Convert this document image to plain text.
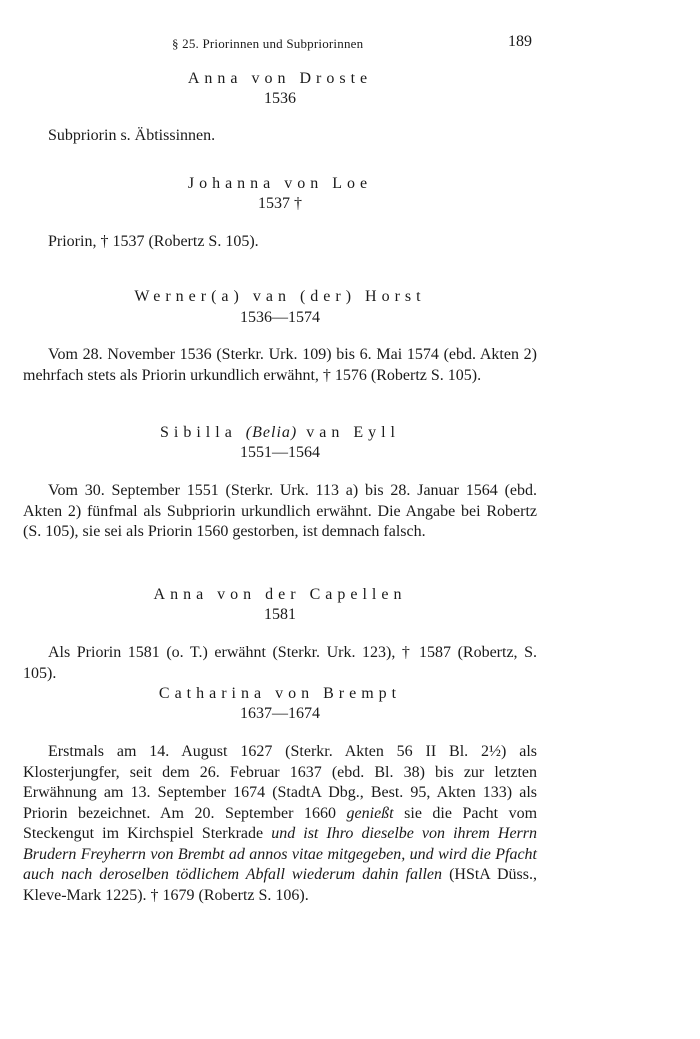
§ 25. Priorinnen und Subpriorinnen	189
Anna von Droste
1536

Subpriorin s. Äbtissinnen.

Johanna von Loe
1537 †

Priorin, † 1537 (Robertz S. 105).

Werner(a) van (der) Horst
1536—1574

Vom 28. November 1536 (Sterkr. Urk. 109) bis 6. Mai 1574 (ebd. Akten 2) mehrfach stets als Priorin urkundlich erwähnt, † 1576 (Robertz S. 105).

Sibilla (Belia) van Eyll
1551—1564

Vom 30. September 1551 (Sterkr. Urk. 113 a) bis 28. Januar 1564 (ebd. Akten 2) fünfmal als Subpriorin urkundlich erwähnt. Die Angabe bei Robertz (S. 105), sie sei als Priorin 1560 gestorben, ist demnach falsch.

Anna von der Capellen
1581

Als Priorin 1581 (o. T.) erwähnt (Sterkr. Urk. 123), † 1587 (Robertz, S. 105).

Catharina von Brempt
1637—1674

Erstmals am 14. August 1627 (Sterkr. Akten 56 II Bl. 2½) als Klosterjungfer, seit dem 26. Februar 1637 (ebd. Bl. 38) bis zur letzten Erwähnung am 13. September 1674 (StadtA Dbg., Best. 95, Akten 133) als Priorin bezeichnet. Am 20. September 1660 genießt sie die Pacht vom Steckengut im Kirchspiel Sterkrade und ist Ihro dieselbe von ihrem Herrn Brudern Freyherrn von Brembt ad annos vitae mitgegeben, und wird die Pfacht auch nach deroselben tödlichem Abfall wiederum dahin fallen (HStA Düss., Kleve-Mark 1225). † 1679 (Robertz S. 106).
